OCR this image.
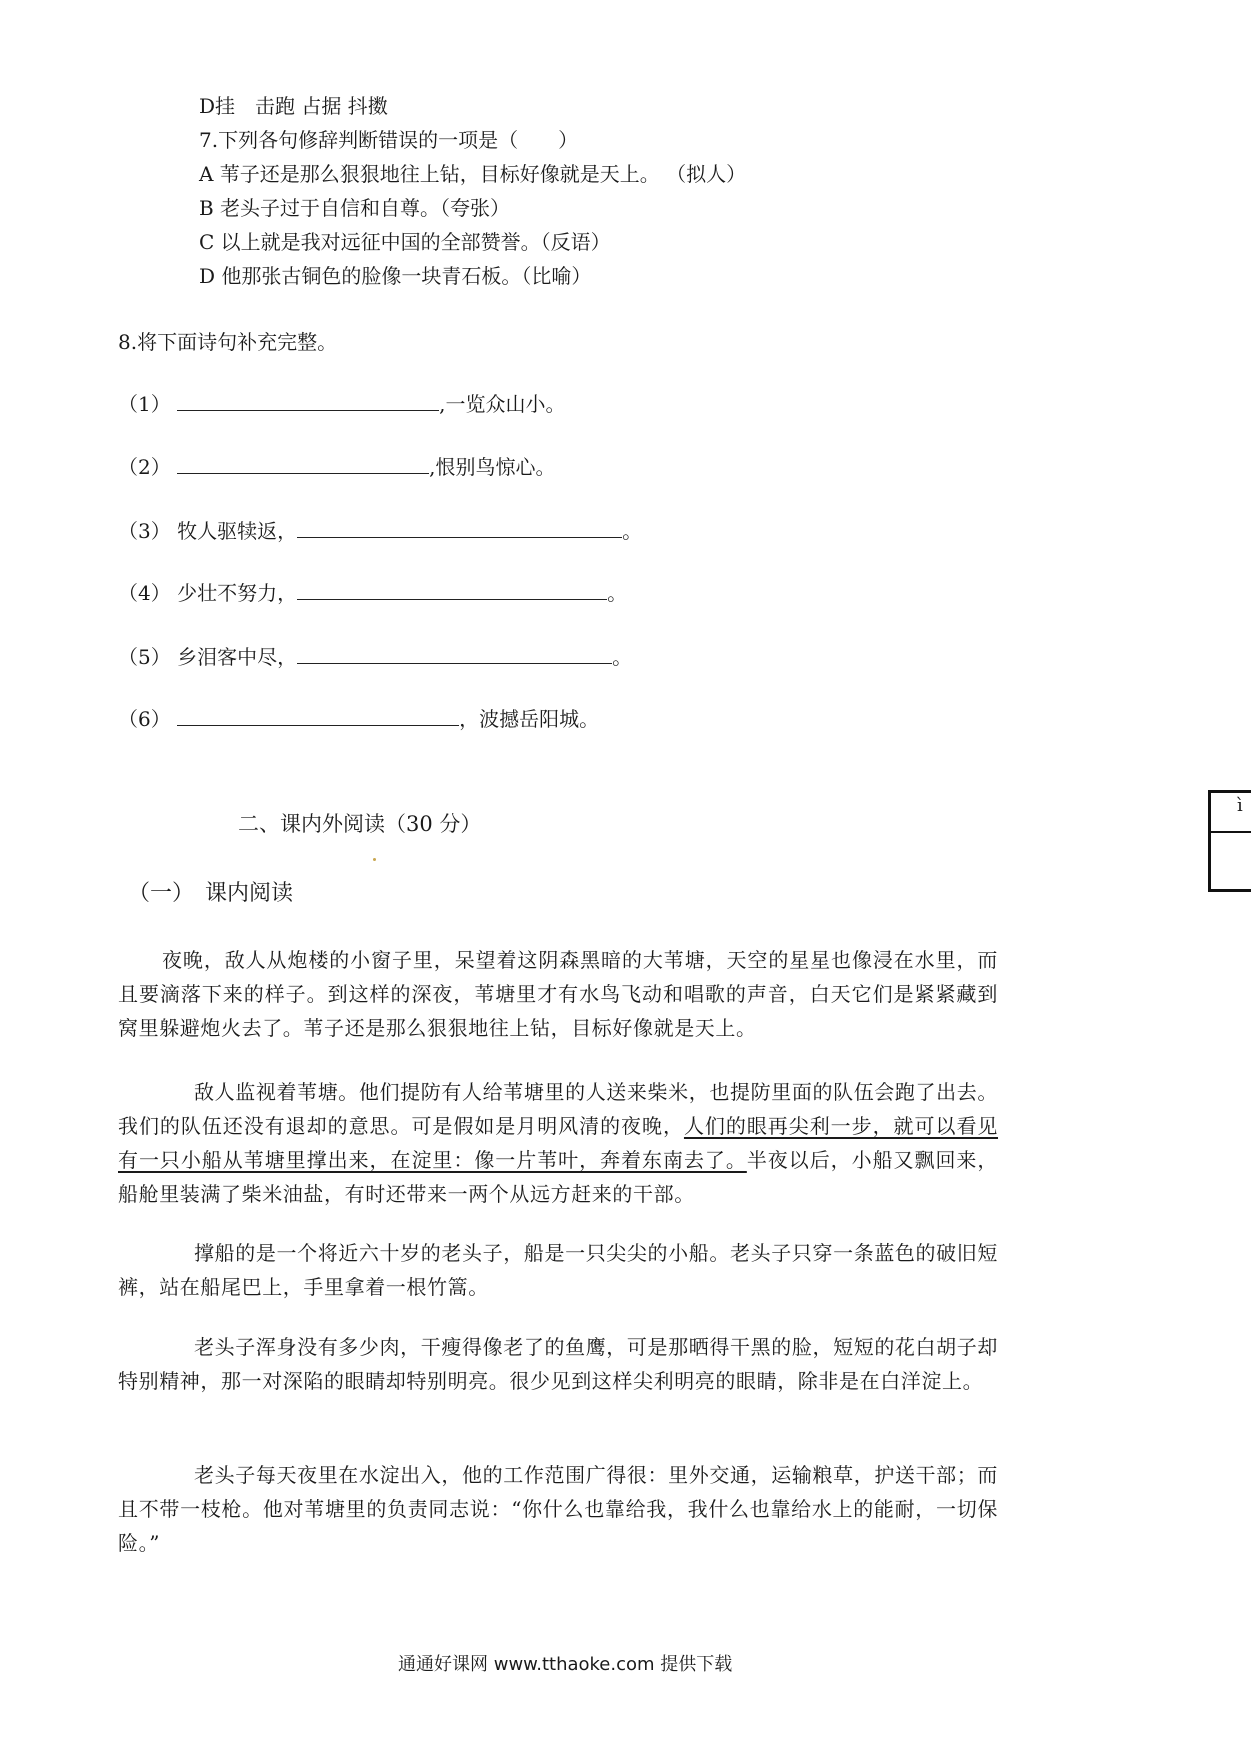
D挂　击跑 占据 抖擞
7.下列各句修辞判断错误的一项是（　　）
A 苇子还是那么狠狠地往上钻，目标好像就是天上。 （拟人）
B 老头子过于自信和自尊。（夸张）
C 以上就是我对远征中国的全部赞誉。（反语）
D 他那张古铜色的脸像一块青石板。（比喻）
8.将下面诗句补充完整。
（1）	,一览众山小。
（2）	,恨别鸟惊心。
（3） 牧人驱犊返，	。
（4） 少壮不努力，	。
（5） 乡泪客中尽，	。
（6）	，波撼岳阳城。
二、课内外阅读（30 分）
（一）　课内阅读
夜晚，敌人从炮楼的小窗子里，呆望着这阴森黑暗的大苇塘，天空的星星也像浸在水里，而且要滴落下来的样子。到这样的深夜，苇塘里才有水鸟飞动和唱歌的声音，白天它们是紧紧藏到窝里躲避炮火去了。苇子还是那么狠狠地往上钻，目标好像就是天上。
敌人监视着苇塘。他们提防有人给苇塘里的人送来柴米，也提防里面的队伍会跑了出去。我们的队伍还没有退却的意思。可是假如是月明风清的夜晚，人们的眼再尖利一步，就可以看见有一只小船从苇塘里撑出来，在淀里：像一片苇叶，奔着东南去了。半夜以后，小船又飘回来，船舱里装满了柴米油盐，有时还带来一两个从远方赶来的干部。
撑船的是一个将近六十岁的老头子，船是一只尖尖的小船。老头子只穿一条蓝色的破旧短裤，站在船尾巴上，手里拿着一根竹篙。
老头子浑身没有多少肉，干瘦得像老了的鱼鹰，可是那晒得干黑的脸，短短的花白胡子却特别精神，那一对深陷的眼睛却特别明亮。很少见到这样尖利明亮的眼睛，除非是在白洋淀上。
老头子每天夜里在水淀出入，他的工作范围广得很：里外交通，运输粮草，护送干部；而且不带一枝枪。他对苇塘里的负责同志说：“你什么也靠给我，我什么也靠给水上的能耐，一切保险。”
通通好课网 www.tthaoke.com 提供下载
ì
